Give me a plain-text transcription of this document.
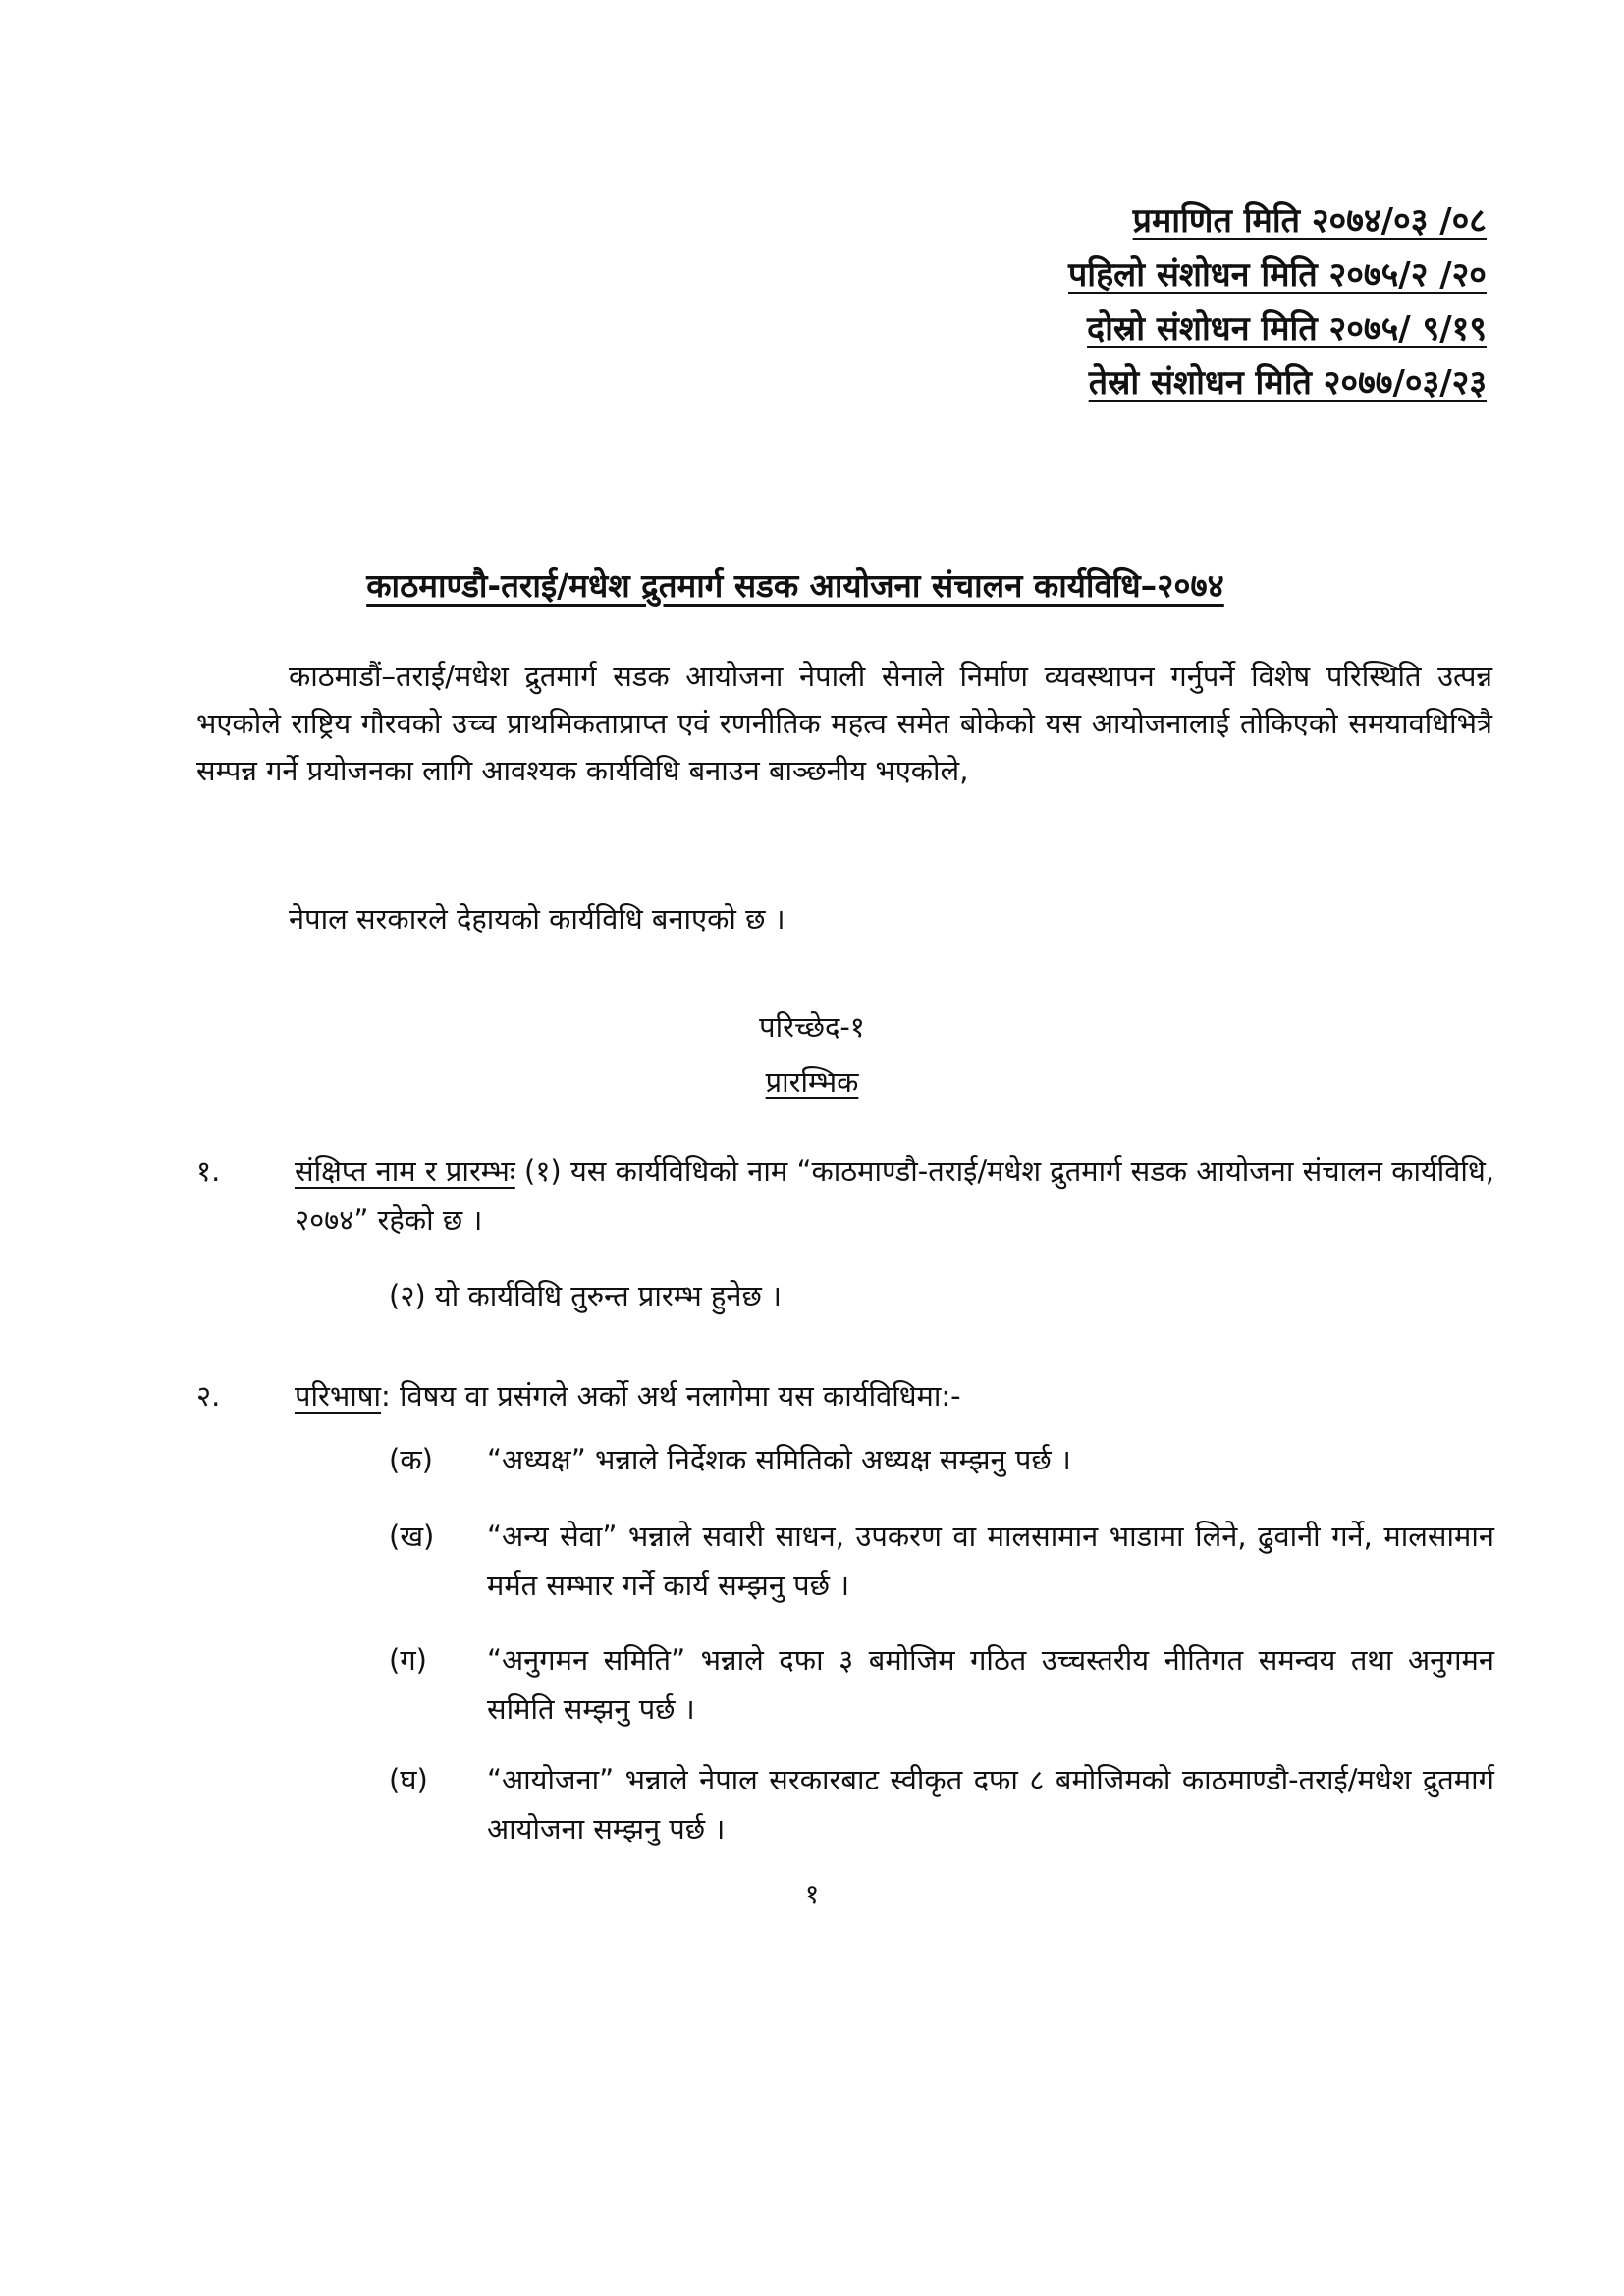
प्रमाणित मिति २०७४/०३ /०८
पहिलो संशोधन मिति २०७५/२ /२०
दोस्रो संशोधन मिति २०७५/ ९/१९
तेस्रो संशोधन मिति २०७७/०३/२३
काठमाण्डौ-तराई/मधेश द्रुतमार्ग सडक आयोजना संचालन कार्यविधि–२०७४
काठमाडौं–तराई/मधेश द्रुतमार्ग सडक आयोजना नेपाली सेनाले निर्माण व्यवस्थापन गर्नुपर्ने विशेष परिस्थिति उत्पन्न भएकोले राष्ट्रिय गौरवको उच्च प्राथमिकताप्राप्त एवं रणनीतिक महत्व समेत बोकेको यस आयोजनालाई तोकिएको समयावधिभित्रै सम्पन्न गर्ने प्रयोजनका लागि आवश्यक कार्यविधि बनाउन बाञ्छनीय भएकोले,
नेपाल सरकारले देहायको कार्यविधि बनाएको छ ।
परिच्छेद-१
प्रारम्भिक
१.	संक्षिप्त नाम र प्रारम्भः (१) यस कार्यविधिको नाम “काठमाण्डौ-तराई/मधेश द्रुतमार्ग सडक आयोजना संचालन कार्यविधि, २०७४” रहेको छ ।
(२) यो कार्यविधि तुरुन्त प्रारम्भ हुनेछ ।
२.	परिभाषा: विषय वा प्रसंगले अर्को अर्थ नलागेमा यस कार्यविधिमा:-
(क)	“अध्यक्ष” भन्नाले निर्देशक समितिको अध्यक्ष सम्झनु पर्छ ।
(ख)	“अन्य सेवा” भन्नाले सवारी साधन, उपकरण वा मालसामान भाडामा लिने, ढुवानी गर्ने, मालसामान मर्मत सम्भार गर्ने कार्य सम्झनु पर्छ ।
(ग)	“अनुगमन समिति” भन्नाले दफा ३ बमोजिम गठित उच्चस्तरीय नीतिगत समन्वय तथा अनुगमन समिति सम्झनु पर्छ ।
(घ)	“आयोजना” भन्नाले नेपाल सरकारबाट स्वीकृत दफा ८ बमोजिमको काठमाण्डौ-तराई/मधेश द्रुतमार्ग आयोजना सम्झनु पर्छ ।
१
